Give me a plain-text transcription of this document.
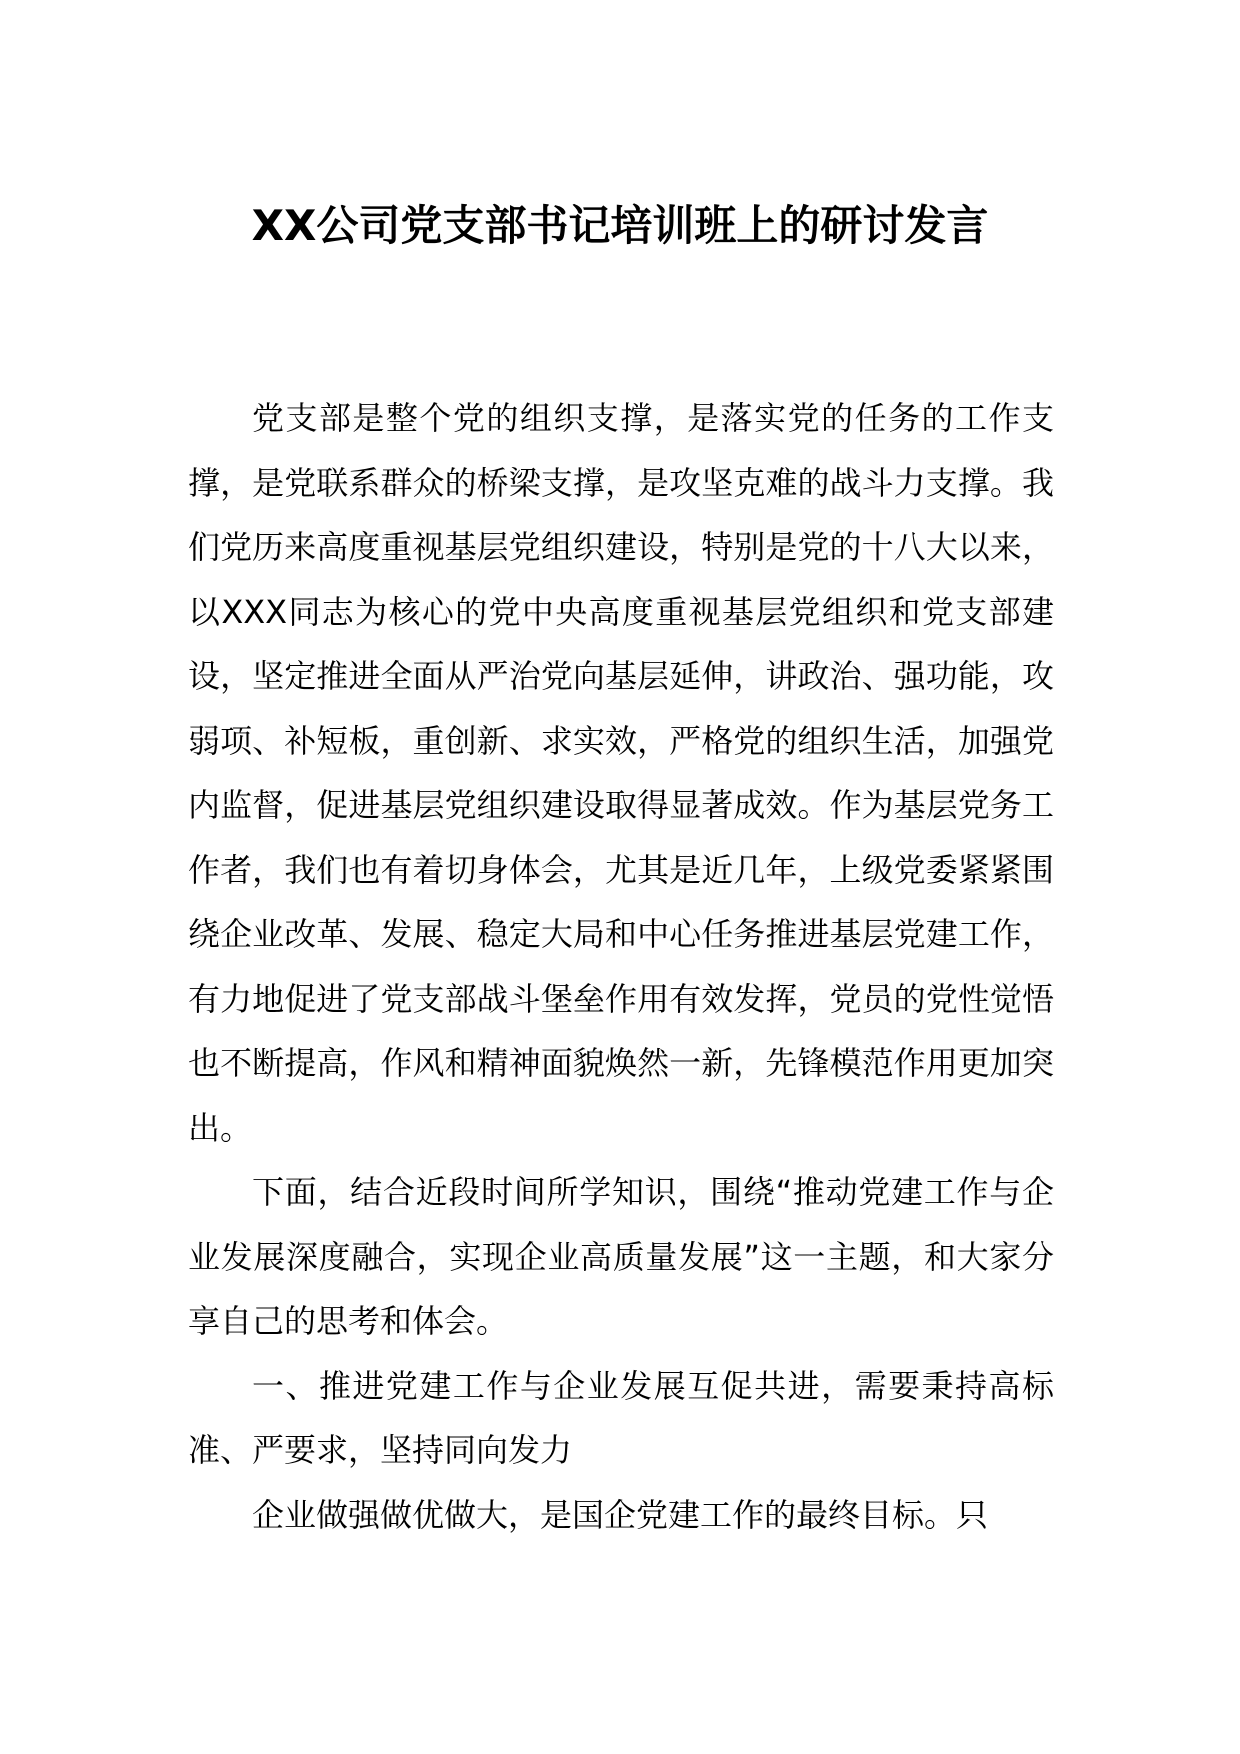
XX公司党支部书记培训班上的研讨发言

党支部是整个党的组织支撑，是落实党的任务的工作支撑，是党联系群众的桥梁支撑，是攻坚克难的战斗力支撑。我们党历来高度重视基层党组织建设，特别是党的十八大以来，以XXX同志为核心的党中央高度重视基层党组织和党支部建设，坚定推进全面从严治党向基层延伸，讲政治、强功能，攻弱项、补短板，重创新、求实效，严格党的组织生活，加强党内监督，促进基层党组织建设取得显著成效。作为基层党务工作者，我们也有着切身体会，尤其是近几年，上级党委紧紧围绕企业改革、发展、稳定大局和中心任务推进基层党建工作，有力地促进了党支部战斗堡垒作用有效发挥，党员的党性觉悟也不断提高，作风和精神面貌焕然一新，先锋模范作用更加突出。

下面，结合近段时间所学知识，围绕“推动党建工作与企业发展深度融合，实现企业高质量发展”这一主题，和大家分享自己的思考和体会。

一、推进党建工作与企业发展互促共进，需要秉持高标准、严要求，坚持同向发力

企业做强做优做大，是国企党建工作的最终目标。只
